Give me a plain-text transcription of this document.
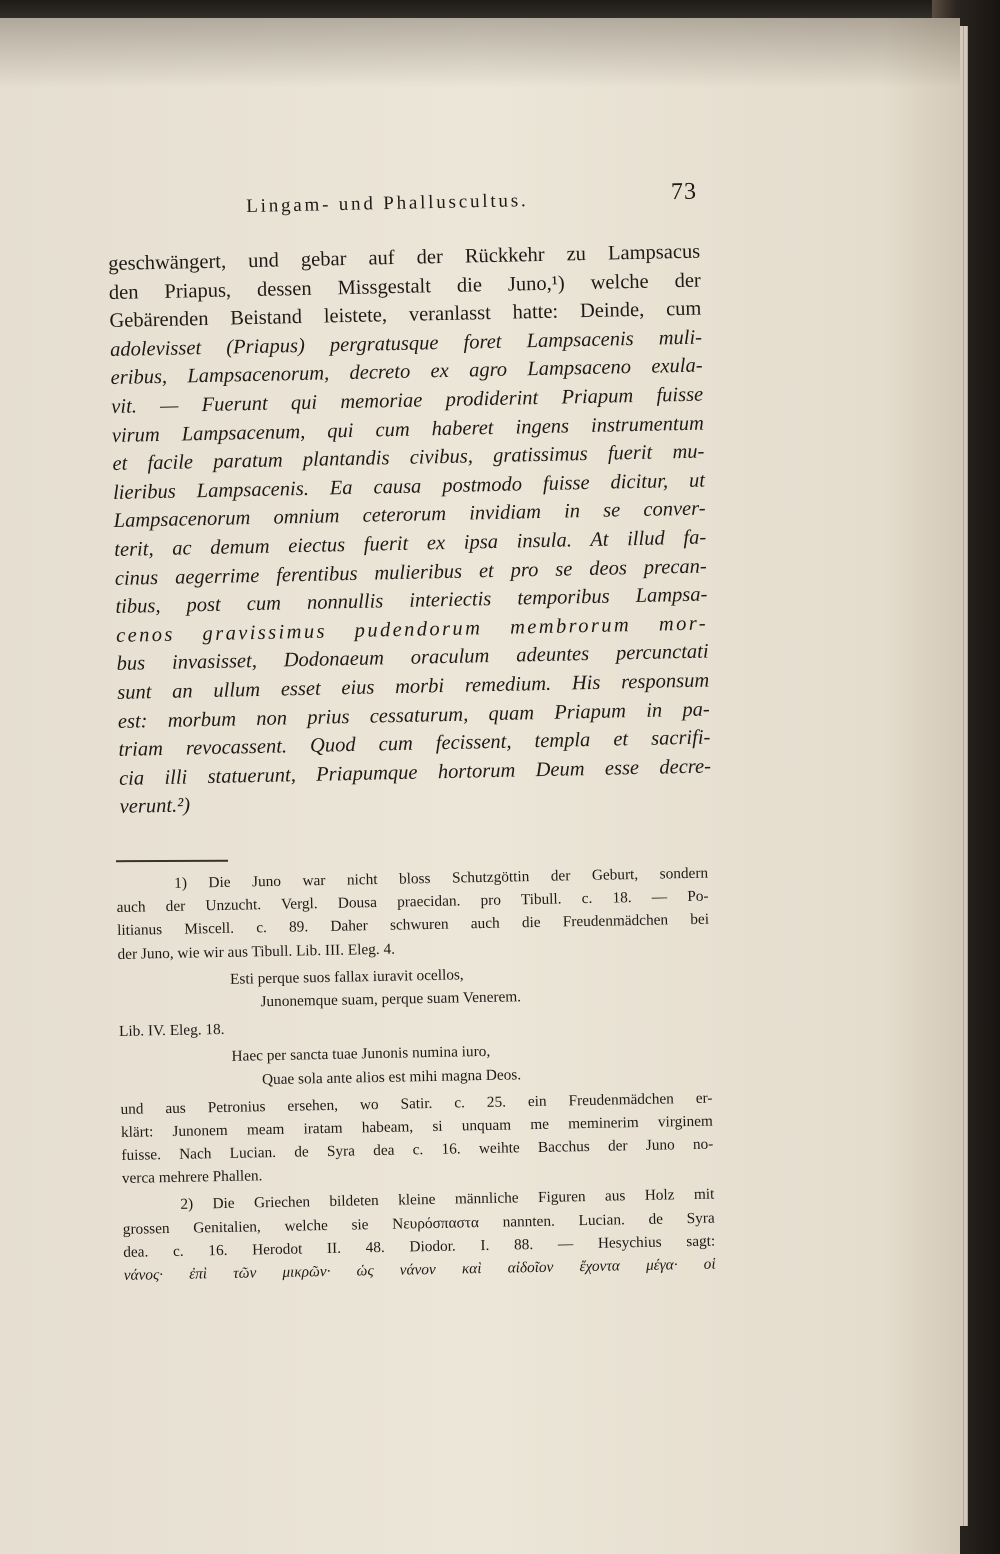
Lingam- und Phalluscultus.	73
geschwängert, und gebar auf der Rückkehr zu Lampsacus
den Priapus, dessen Missgestalt die Juno,¹) welche der
Gebärenden Beistand leistete, veranlasst hatte: Deinde, cum
adolevisset (Priapus) pergratusque foret Lampsacenis muli-
eribus, Lampsacenorum, decreto ex agro Lampsaceno exula-
vit. — Fuerunt qui memoriae prodiderint Priapum fuisse
virum Lampsacenum, qui cum haberet ingens instrumentum
et facile paratum plantandis civibus, gratissimus fuerit mu-
lieribus Lampsacenis. Ea causa postmodo fuisse dicitur, ut
Lampsacenorum omnium ceterorum invidiam in se conver-
terit, ac demum eiectus fuerit ex ipsa insula. At illud fa-
cinus aegerrime ferentibus mulieribus et pro se deos precan-
tibus, post cum nonnullis interiectis temporibus Lampsa-
cenos gravissimus pudendorum membrorum mor-
bus invasisset, Dodonaeum oraculum adeuntes percunctati
sunt an ullum esset eius morbi remedium. His responsum
est: morbum non prius cessaturum, quam Priapum in pa-
triam revocassent. Quod cum fecissent, templa et sacrifi-
cia illi statuerunt, Priapumque hortorum Deum esse decre-
verunt.²)
1) Die Juno war nicht bloss Schutzgöttin der Geburt, sondern
auch der Unzucht. Vergl. Dousa praecidan. pro Tibull. c. 18. — Po-
litianus Miscell. c. 89. Daher schwuren auch die Freudenmädchen bei
der Juno, wie wir aus Tibull. Lib. III. Eleg. 4.
Esti perque suos fallax iuravit ocellos,
Junonemque suam, perque suam Venerem.
Lib. IV. Eleg. 18.
Haec per sancta tuae Junonis numina iuro,
Quae sola ante alios est mihi magna Deos.
und aus Petronius ersehen, wo Satir. c. 25. ein Freudenmädchen er-
klärt: Junonem meam iratam habeam, si unquam me meminerim virginem
fuisse. Nach Lucian. de Syra dea c. 16. weihte Bacchus der Juno no-
verca mehrere Phallen.
2) Die Griechen bildeten kleine männliche Figuren aus Holz mit
grossen Genitalien, welche sie Νευρόσπαστα nannten. Lucian. de Syra
dea. c. 16. Herodot II. 48. Diodor. I. 88. — Hesychius sagt:
νάνος· ἐπὶ τῶν μικρῶν· ὡς νάνον καὶ αἰδοῖον ἔχοντα μέγα· οἱ
